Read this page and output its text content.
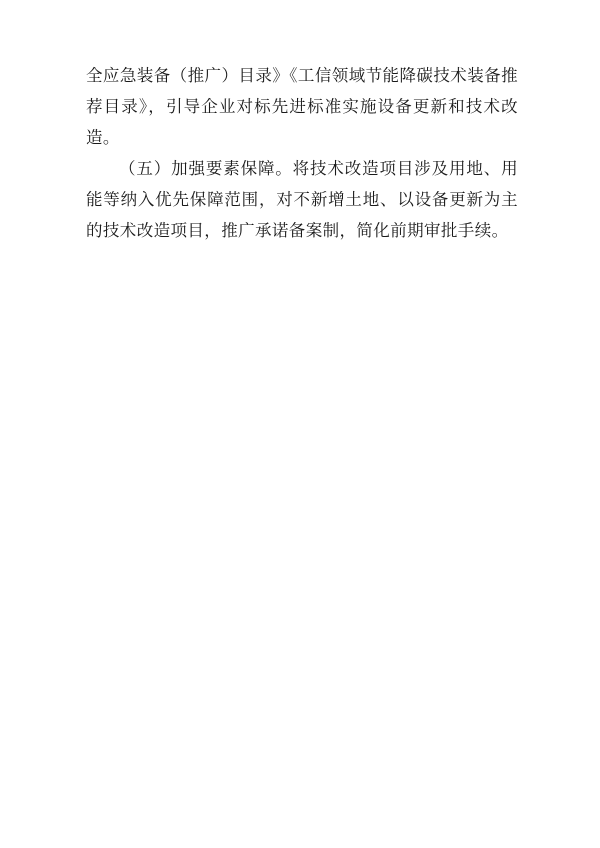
全应急装备（推广）目录》《工信领域节能降碳技术装备推荐目录》，引导企业对标先进标准实施设备更新和技术改造。

（五）加强要素保障。将技术改造项目涉及用地、用能等纳入优先保障范围，对不新增土地、以设备更新为主的技术改造项目，推广承诺备案制，简化前期审批手续。
